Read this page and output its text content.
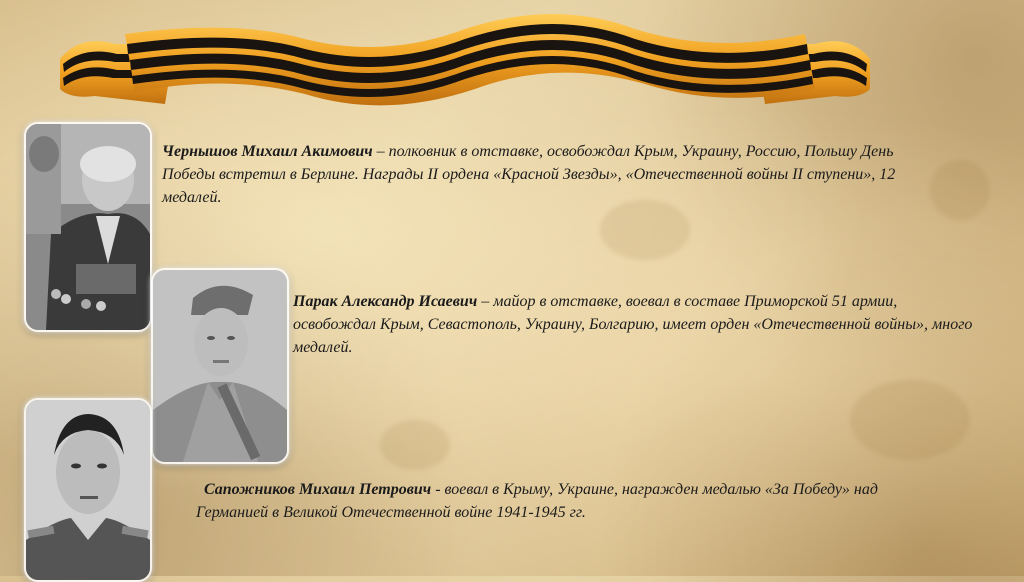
Чернышов Михаил Акимович – полковник в отставке, освобождал Крым, Украину, Россию, Польшу День Победы встретил в Берлине. Награды II ордена «Красной Звезды», «Отечественной войны II ступени», 12 медалей.
Парак Александр Исаевич – майор в отставке, воевал в составе Приморской 51 армии, освобождал Крым, Севастополь, Украину, Болгарию, имеет орден «Отечественной войны», много медалей.
Сапожников Михаил Петрович - воевал в Крыму, Украине, награжден медалью «За Победу» над Германией в Великой Отечественной войне 1941-1945 гг.
